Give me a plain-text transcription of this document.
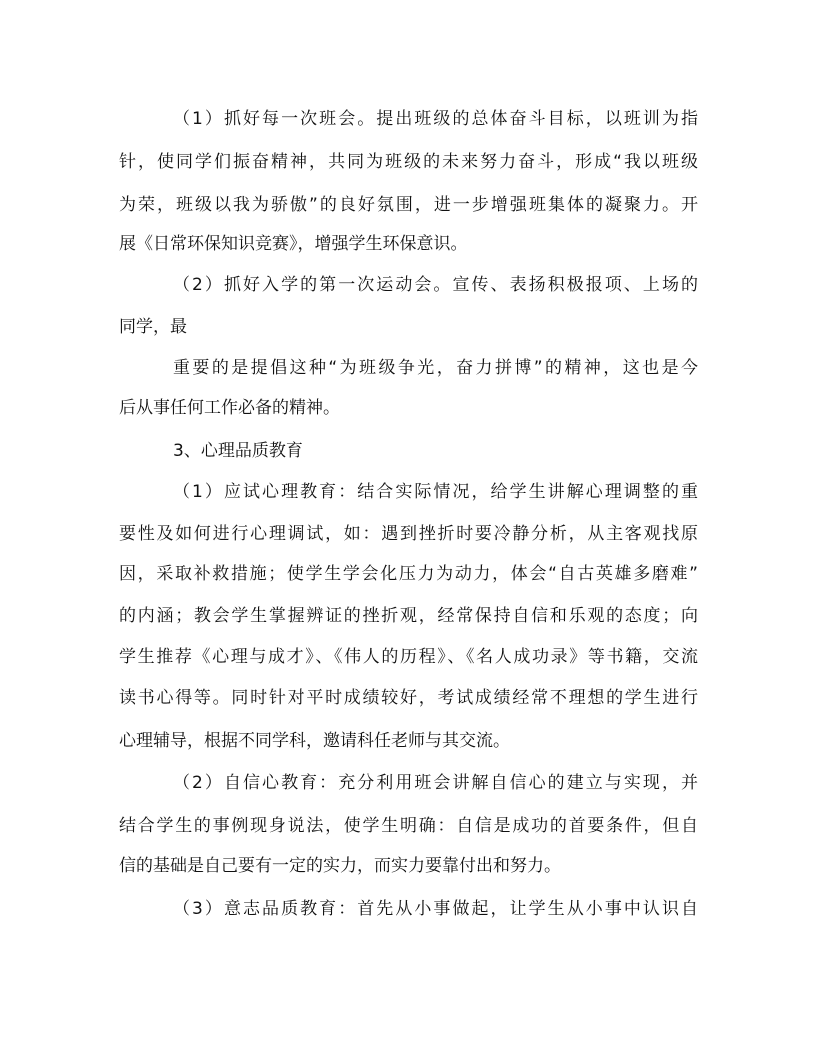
（1）抓好每一次班会。提出班级的总体奋斗目标，以班训为指
针，使同学们振奋精神，共同为班级的未来努力奋斗，形成“我以班级
为荣，班级以我为骄傲”的良好氛围，进一步增强班集体的凝聚力。开
展《日常环保知识竞赛》，增强学生环保意识。
（2）抓好入学的第一次运动会。宣传、表扬积极报项、上场的
同学，最
重要的是提倡这种“为班级争光，奋力拼博”的精神，这也是今
后从事任何工作必备的精神。
3、心理品质教育
（1）应试心理教育：结合实际情况，给学生讲解心理调整的重
要性及如何进行心理调试，如：遇到挫折时要冷静分析，从主客观找原
因，采取补救措施；使学生学会化压力为动力，体会“自古英雄多磨难”
的内涵；教会学生掌握辨证的挫折观，经常保持自信和乐观的态度；向
学生推荐《心理与成才》、《伟人的历程》、《名人成功录》等书籍，交流
读书心得等。同时针对平时成绩较好，考试成绩经常不理想的学生进行
心理辅导，根据不同学科，邀请科任老师与其交流。
（2）自信心教育：充分利用班会讲解自信心的建立与实现，并
结合学生的事例现身说法，使学生明确：自信是成功的首要条件，但自
信的基础是自己要有一定的实力，而实力要靠付出和努力。
（3）意志品质教育：首先从小事做起，让学生从小事中认识自
